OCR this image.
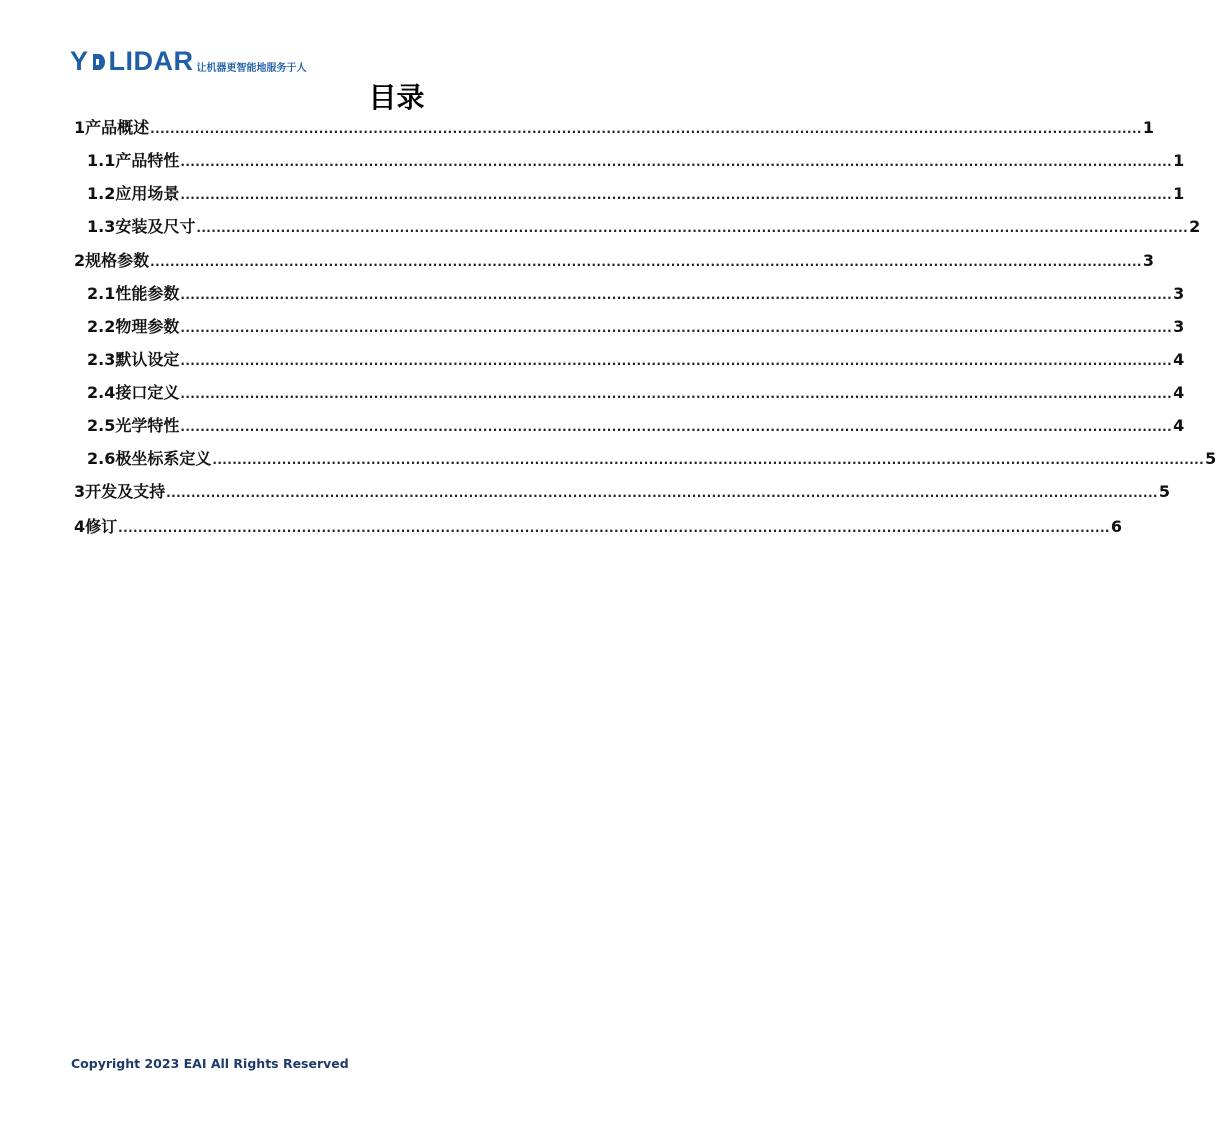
Y LIDAR 让机器更智能地服务于人
目录
1 产品概述 ........................................................................................................................................................................................................ 1
1.1 产品特性 ........................................................................................................................................................................................................ 1
1.2 应用场景 ........................................................................................................................................................................................................ 1
1.3 安装及尺寸 ........................................................................................................................................................................................................ 2
2 规格参数 ........................................................................................................................................................................................................ 3
2.1 性能参数 ........................................................................................................................................................................................................ 3
2.2 物理参数 ........................................................................................................................................................................................................ 3
2.3 默认设定 ........................................................................................................................................................................................................ 4
2.4 接口定义 ........................................................................................................................................................................................................ 4
2.5 光学特性 ........................................................................................................................................................................................................ 4
2.6 极坐标系定义 ........................................................................................................................................................................................................ 5
3 开发及支持 ........................................................................................................................................................................................................ 5
4 修订 ........................................................................................................................................................................................................ 6
Copyright 2023 EAI All Rights Reserved
